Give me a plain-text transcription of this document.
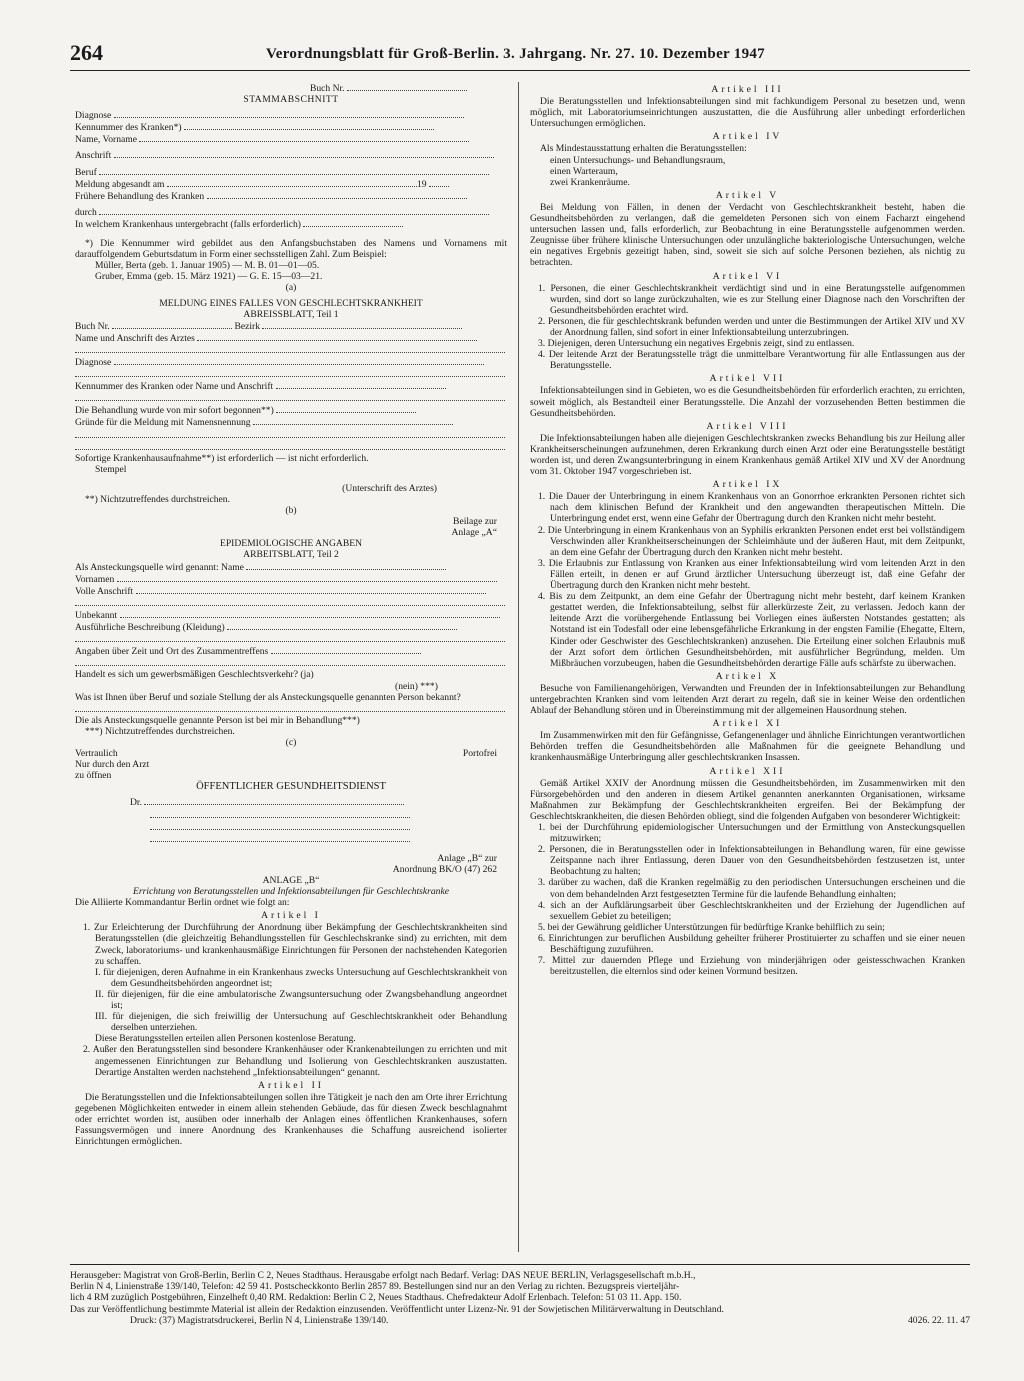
264	Verordnungsblatt für Groß-Berlin. 3. Jahrgang. Nr. 27. 10. Dezember 1947
Buch Nr.
STAMMABSCHNITT
Diagnose
Kennummer des Kranken*)
Name, Vorname
Anschrift
Beruf
Meldung abgesandt am	19
Frühere Behandlung des Kranken
durch
In welchem Krankenhaus untergebracht (falls erforderlich)
*) Die Kennummer wird gebildet aus den Anfangsbuchstaben des Namens und Vornamens mit darauffolgendem Geburtsdatum in Form einer sechsstelligen Zahl. Zum Beispiel:
Müller, Berta (geb. 1. Januar 1905) — M. B. 01—01—05.
Gruber, Emma (geb. 15. März 1921) — G. E. 15—03—21.
(a)
MELDUNG EINES FALLES VON GESCHLECHTSKRANKHEIT
ABREISSBLATT, Teil 1
Buch Nr.	Bezirk
Name und Anschrift des Arztes
Diagnose
Kennummer des Kranken oder Name und Anschrift
Die Behandlung wurde von mir sofort begonnen**)
Gründe für die Meldung mit Namensnennung
Sofortige Krankenhausaufnahme**) ist erforderlich — ist nicht erforderlich.
Stempel
(Unterschrift des Arztes)
**) Nichtzutreffendes durchstreichen.
(b)
Beilage zur
Anlage „A“
EPIDEMIOLOGISCHE ANGABEN
ARBEITSBLATT, Teil 2
Als Ansteckungsquelle wird genannt: Name
Vornamen
Volle Anschrift
Unbekannt
Ausführliche Beschreibung (Kleidung)
Angaben über Zeit und Ort des Zusammentreffens
Handelt es sich um gewerbsmäßigen Geschlechtsverkehr? (ja)
(nein) ***)
Was ist Ihnen über Beruf und soziale Stellung der als Ansteckungsquelle genannten Person bekannt?
Die als Ansteckungsquelle genannte Person ist bei mir in Behandlung***)
***) Nichtzutreffendes durchstreichen.
(c)
Vertraulich	Portofrei
Nur durch den Arzt
zu öffnen
ÖFFENTLICHER GESUNDHEITSDIENST
Dr.
Anlage „B“ zur
Anordnung BK/O (47) 262
ANLAGE „B“
Errichtung von Beratungsstellen und Infektionsabteilungen für Geschlechtskranke
Die Alliierte Kommandantur Berlin ordnet wie folgt an:
Artikel I
1. Zur Erleichterung der Durchführung der Anordnung über Bekämpfung der Geschlechtskrankheiten sind Beratungsstellen (die gleichzeitig Behandlungsstellen für Geschlechskranke sind) zu errichten, mit dem Zweck, laboratoriums- und krankenhausmäßige Einrichtungen für Personen der nachstehenden Kategorien zu schaffen.
I. für diejenigen, deren Aufnahme in ein Krankenhaus zwecks Untersuchung auf Geschlechtskrankheit von dem Gesundheitsbehörden angeordnet ist;
II. für diejenigen, für die eine ambulatorische Zwangsuntersuchung oder Zwangsbehandlung angeordnet ist;
III. für diejenigen, die sich freiwillig der Untersuchung auf Geschlechtskrankheit oder Behandlung derselben unterziehen.
Diese Beratungsstellen erteilen allen Personen kostenlose Beratung.
2. Außer den Beratungsstellen sind besondere Krankenhäuser oder Krankenabteilungen zu errichten und mit angemessenen Einrichtungen zur Behandlung und Isolierung von Geschlechtskranken auszustatten. Derartige Anstalten werden nachstehend „Infektionsabteilungen“ genannt.
Artikel II
Die Beratungsstellen und die Infektionsabteilungen sollen ihre Tätigkeit je nach den am Orte ihrer Errichtung gegebenen Möglichkeiten entweder in einem allein stehenden Gebäude, das für diesen Zweck beschlagnahmt oder errichtet worden ist, ausüben oder innerhalb der Anlagen eines öffentlichen Krankenhauses, sofern Fassungsvermögen und innere Anordnung des Krankenhauses die Schaffung ausreichend isolierter Einrichtungen ermöglichen.
Artikel III
Die Beratungsstellen und Infektionsabteilungen sind mit fachkundigem Personal zu besetzen und, wenn möglich, mit Laboratoriumseinrichtungen auszustatten, die die Ausführung aller unbedingt erforderlichen Untersuchungen ermöglichen.
Artikel IV
Als Mindestausstattung erhalten die Beratungsstellen:
einen Untersuchungs- und Behandlungsraum,
einen Warteraum,
zwei Krankenräume.
Artikel V
Bei Meldung von Fällen, in denen der Verdacht von Geschlechtskrankheit besteht, haben die Gesundheitsbehörden zu verlangen, daß die gemeldeten Personen sich von einem Facharzt eingehend untersuchen lassen und, falls erforderlich, zur Beobachtung in eine Beratungsstelle aufgenommen werden. Zeugnisse über frühere klinische Untersuchungen oder unzulängliche bakteriologische Untersuchungen, welche ein negatives Ergebnis gezeitigt haben, sind, soweit sie sich auf solche Personen beziehen, als nichtig zu betrachten.
Artikel VI
1. Personen, die einer Geschlechtskrankheit verdächtigt sind und in eine Beratungsstelle aufgenommen wurden, sind dort so lange zurückzuhalten, wie es zur Stellung einer Diagnose nach den Vorschriften der Gesundheitsbehörden erachtet wird.
2. Personen, die für geschlechtskrank befunden werden und unter die Bestimmungen der Artikel XIV und XV der Anordnung fallen, sind sofort in einer Infektionsabteilung unterzubringen.
3. Diejenigen, deren Untersuchung ein negatives Ergebnis zeigt, sind zu entlassen.
4. Der leitende Arzt der Beratungsstelle trägt die unmittelbare Verantwortung für alle Entlassungen aus der Beratungsstelle.
Artikel VII
Infektionsabteilungen sind in Gebieten, wo es die Gesundheitsbehörden für erforderlich erachten, zu errichten, soweit möglich, als Bestandteil einer Beratungsstelle. Die Anzahl der vorzusehenden Betten bestimmen die Gesundheitsbehörden.
Artikel VIII
Die Infektionsabteilungen haben alle diejenigen Geschlechtskranken zwecks Behandlung bis zur Heilung aller Krankheitserscheinungen aufzunehmen, deren Erkrankung durch einen Arzt oder eine Beratungsstelle bestätigt worden ist, und deren Zwangsunterbringung in einem Krankenhaus gemäß Artikel XIV und XV der Anordnung vom 31. Oktober 1947 vorgeschrieben ist.
Artikel IX
1. Die Dauer der Unterbringung in einem Krankenhaus von an Gonorrhoe erkrankten Personen richtet sich nach dem klinischen Befund der Krankheit und den angewandten therapeutischen Mitteln. Die Unterbringung endet erst, wenn eine Gefahr der Übertragung durch den Kranken nicht mehr besteht.
2. Die Unterbringung in einem Krankenhaus von an Syphilis erkrankten Personen endet erst bei vollständigem Verschwinden aller Krankheitserscheinungen der Schleimhäute und der äußeren Haut, mit dem Zeitpunkt, an dem eine Gefahr der Übertragung durch den Kranken nicht mehr besteht.
3. Die Erlaubnis zur Entlassung von Kranken aus einer Infektionsabteilung wird vom leitenden Arzt in den Fällen erteilt, in denen er auf Grund ärztlicher Untersuchung überzeugt ist, daß eine Gefahr der Übertragung durch den Kranken nicht mehr besteht.
4. Bis zu dem Zeitpunkt, an dem eine Gefahr der Übertragung nicht mehr besteht, darf keinem Kranken gestattet werden, die Infektionsabteilung, selbst für allerkürzeste Zeit, zu verlassen. Jedoch kann der leitende Arzt die vorübergehende Entlassung bei Vorliegen eines äußersten Notstandes gestatten; als Notstand ist ein Todesfall oder eine lebensgefährliche Erkrankung in der engsten Familie (Ehegatte, Eltern, Kinder oder Geschwister des Geschlechtskranken) anzusehen. Die Erteilung einer solchen Erlaubnis muß der Arzt sofort dem örtlichen Gesundheitsbehörden, mit ausführlicher Begründung, melden. Um Mißbräuchen vorzubeugen, haben die Gesundheitsbehörden derartige Fälle aufs schärfste zu überwachen.
Artikel X
Besuche von Familienangehörigen, Verwandten und Freunden der in Infektionsabteilungen zur Behandlung untergebrachten Kranken sind vom leitenden Arzt derart zu regeln, daß sie in keiner Weise den ordentlichen Ablauf der Behandlung stören und in Übereinstimmung mit der allgemeinen Hausordnung stehen.
Artikel XI
Im Zusammenwirken mit den für Gefängnisse, Gefangenenlager und ähnliche Einrichtungen verantwortlichen Behörden treffen die Gesundheitsbehörden alle Maßnahmen für die geeignete Behandlung und krankenhausmäßige Unterbringung aller geschlechtskranken Insassen.
Artikel XII
Gemäß Artikel XXIV der Anordnung müssen die Gesundheitsbehörden, im Zusammenwirken mit den Fürsorgebehörden und den anderen in diesem Artikel genannten anerkannten Organisationen, wirksame Maßnahmen zur Bekämpfung der Geschlechtskrankheiten ergreifen. Bei der Bekämpfung der Geschlechtskrankheiten, die diesen Behörden obliegt, sind die folgenden Aufgaben von besonderer Wichtigkeit:
1. bei der Durchführung epidemiologischer Untersuchungen und der Ermittlung von Ansteckungsquellen mitzuwirken;
2. Personen, die in Beratungsstellen oder in Infektionsabteilungen in Behandlung waren, für eine gewisse Zeitspanne nach ihrer Entlassung, deren Dauer von den Gesundheitsbehörden festzusetzen ist, unter Beobachtung zu halten;
3. darüber zu wachen, daß die Kranken regelmäßig zu den periodischen Untersuchungen erscheinen und die von dem behandelnden Arzt festgesetzten Termine für die laufende Behandlung einhalten;
4. sich an der Aufklärungsarbeit über Geschlechtskrankheiten und der Erziehung der Jugendlichen auf sexuellem Gebiet zu beteiligen;
5. bei der Gewährung geldlicher Unterstützungen für bedürftige Kranke behilflich zu sein;
6. Einrichtungen zur beruflichen Ausbildung geheilter früherer Prostituierter zu schaffen und sie einer neuen Beschäftigung zuzuführen.
7. Mittel zur dauernden Pflege und Erziehung von minderjährigen oder geistesschwachen Kranken bereitzustellen, die elternlos sind oder keinen Vormund besitzen.
Herausgeber: Magistrat von Groß-Berlin, Berlin C 2, Neues Stadthaus. Herausgabe erfolgt nach Bedarf. Verlag: DAS NEUE BERLIN, Verlagsgesellschaft m.b.H.,
Berlin N 4, Linienstraße 139/140, Telefon: 42 59 41. Postscheckkonto Berlin 2857 89. Bestellungen sind nur an den Verlag zu richten. Bezugspreis vierteljähr-
lich 4 RM zuzüglich Postgebühren, Einzelheft 0,40 RM. Redaktion: Berlin C 2, Neues Stadthaus. Chefredakteur Adolf Erlenbach. Telefon: 51 03 11. App. 150.
Das zur Veröffentlichung bestimmte Material ist allein der Redaktion einzusenden. Veröffentlicht unter Lizenz-Nr. 91 der Sowjetischen Militärverwaltung in Deutschland.
Druck: (37) Magistratsdruckerei, Berlin N 4, Linienstraße 139/140.	4026. 22. 11. 47
